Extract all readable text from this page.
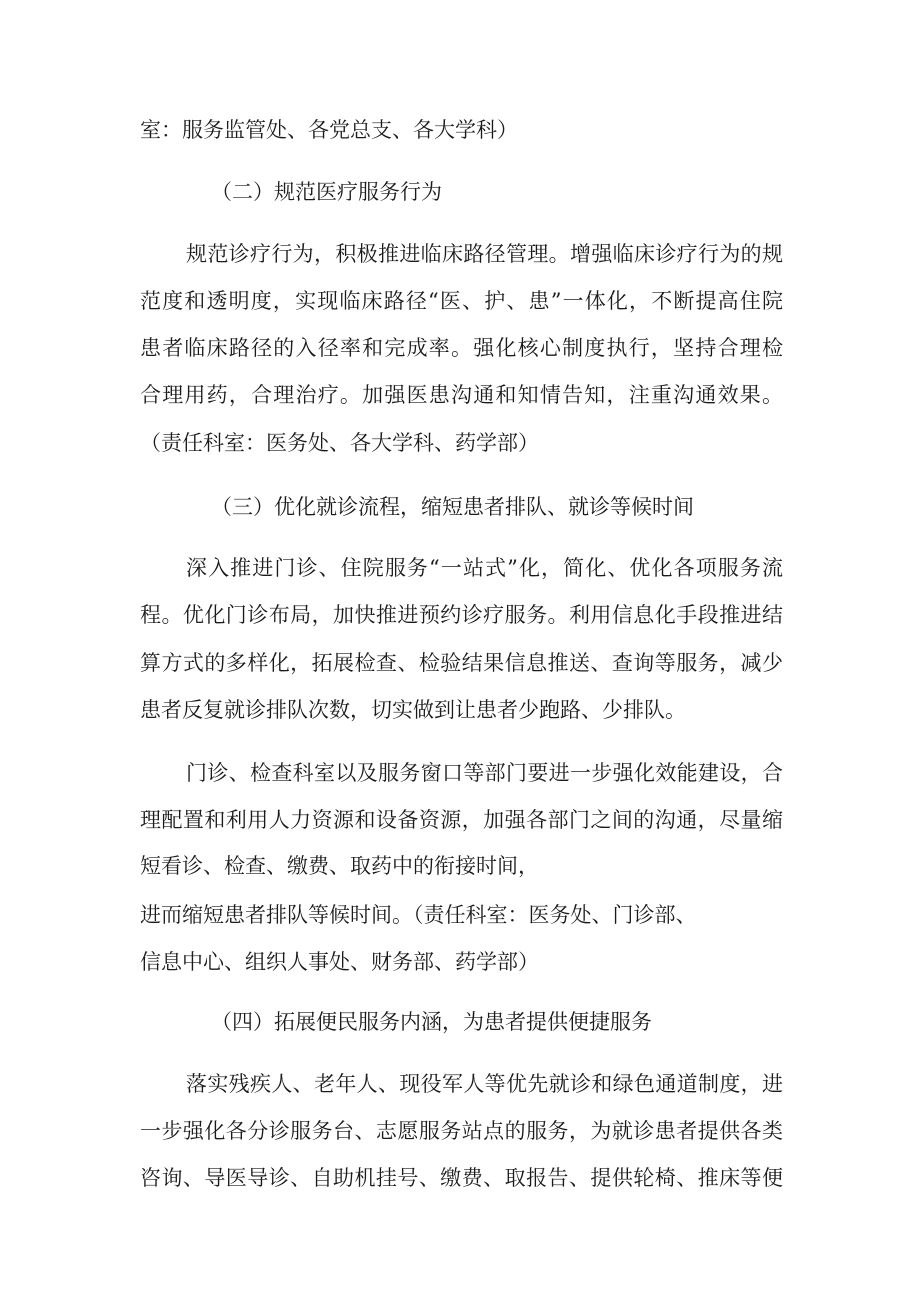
室：服务监管处、各党总支、各大学科）
（二）规范医疗服务行为
规范诊疗行为，积极推进临床路径管理。增强临床诊疗行为的规
范度和透明度，实现临床路径“医、护、患”一体化，不断提高住院
患者临床路径的入径率和完成率。强化核心制度执行，坚持合理检
合理用药，合理治疗。加强医患沟通和知情告知，注重沟通效果。
（责任科室：医务处、各大学科、药学部）
（三）优化就诊流程，缩短患者排队、就诊等候时间
深入推进门诊、住院服务“一站式”化，简化、优化各项服务流
程。优化门诊布局，加快推进预约诊疗服务。利用信息化手段推进结
算方式的多样化，拓展检查、检验结果信息推送、查询等服务，减少
患者反复就诊排队次数，切实做到让患者少跑路、少排队。
门诊、检查科室以及服务窗口等部门要进一步强化效能建设，合
理配置和利用人力资源和设备资源，加强各部门之间的沟通，尽量缩
短看诊、检查、缴费、取药中的衔接时间，
进而缩短患者排队等候时间。（责任科室：医务处、门诊部、
信息中心、组织人事处、财务部、药学部）
（四）拓展便民服务内涵，为患者提供便捷服务
落实残疾人、老年人、现役军人等优先就诊和绿色通道制度，进
一步强化各分诊服务台、志愿服务站点的服务，为就诊患者提供各类
咨询、导医导诊、自助机挂号、缴费、取报告、提供轮椅、推床等便
